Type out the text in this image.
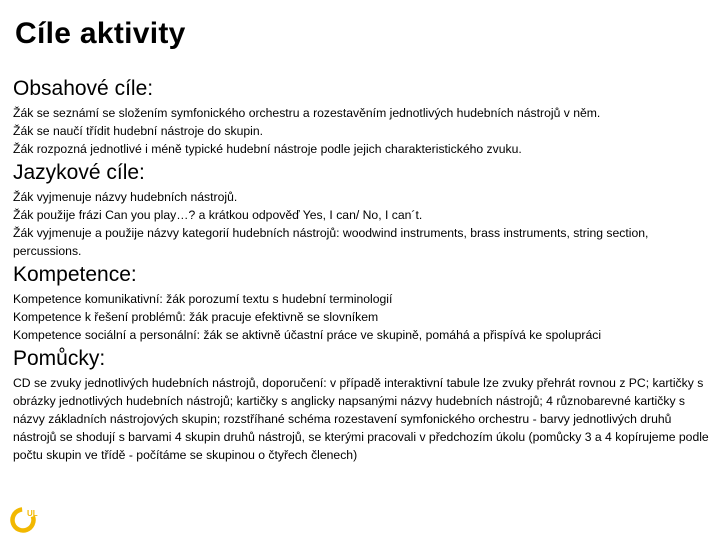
Cíle aktivity
Obsahové cíle:

Žák se seznámí se složením symfonického orchestru a rozestavěním jednotlivých hudebních nástrojů v něm.

Žák se naučí třídit hudební nástroje do skupin.

Žák rozpozná jednotlivé i méně typické hudební nástroje podle jejich charakteristického zvuku.

Jazykové cíle:

Žák vyjmenuje názvy hudebních nástrojů.

Žák použije frázi Can you play…? a krátkou odpověď Yes, I can/ No, I can´t.

Žák vyjmenuje a použije názvy kategorií hudebních nástrojů: woodwind instruments, brass instruments, string section, percussions.

Kompetence:

Kompetence komunikativní: žák porozumí textu s hudební terminologií

Kompetence k řešení problémů: žák pracuje efektivně se slovníkem

Kompetence sociální a personální: žák se aktivně účastní práce ve skupině, pomáhá a přispívá ke spolupráci

Pomůcky:

CD se zvuky jednotlivých hudebních nástrojů, doporučení: v případě interaktivní tabule lze zvuky přehrát rovnou z PC; kartičky s obrázky jednotlivých hudebních nástrojů; kartičky s anglicky napsanými názvy hudebních nástrojů; 4 různobarevné kartičky s názvy základních nástrojových skupin; rozstříhané schéma rozestavení symfonického orchestru - barvy jednotlivých druhů nástrojů se shodují s barvami 4 skupin druhů nástrojů, se kterými pracovali v předchozím úkolu (pomůcky 3 a 4 kopírujeme podle počtu skupin ve třídě - počítáme se skupinou o čtyřech členech)

UL
